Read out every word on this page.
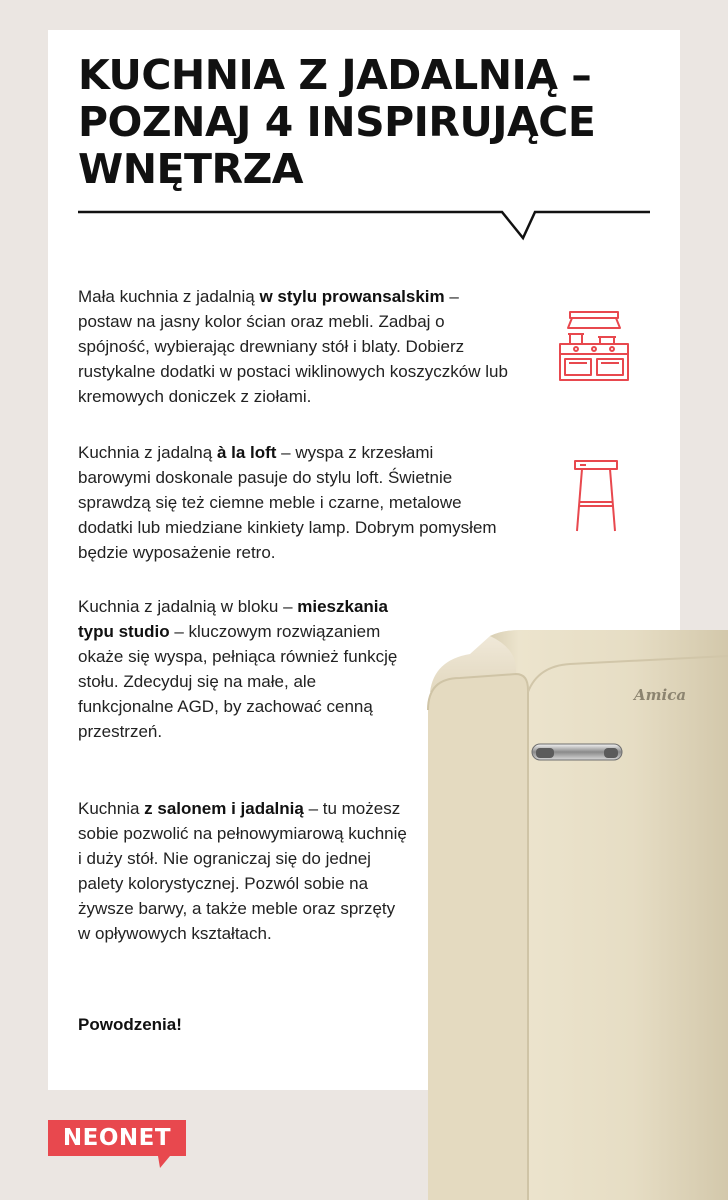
KUCHNIA Z JADALNIĄ –
POZNAJ 4 INSPIRUJĄCE
WNĘTRZA

Mała kuchnia z jadalnią w stylu prowansalskim – postaw na jasny kolor ścian oraz mebli. Zadbaj o spójność, wybierając drewniany stół i blaty. Dobierz rustykalne dodatki w postaci wiklinowych koszyczków lub kremowych doniczek z ziołami.

Kuchnia z jadalną à la loft – wyspa z krzesłami barowymi doskonale pasuje do stylu loft. Świetnie sprawdzą się też ciemne meble i czarne, metalowe dodatki lub miedziane kinkiety lamp. Dobrym pomysłem będzie wyposażenie retro.

Kuchnia z jadalnią w bloku – mieszkania typu studio – kluczowym rozwiązaniem okaże się wyspa, pełniąca również funkcję stołu. Zdecyduj się na małe, ale funkcjonalne AGD, by zachować cenną przestrzeń.

Kuchnia z salonem i jadalnią – tu możesz sobie pozwolić na pełnowymiarową kuchnię i duży stół. Nie ograniczaj się do jednej palety kolorystycznej. Pozwól sobie na żywsze barwy, a także meble oraz sprzęty w opływowych kształtach.

Powodzenia!

Amica
NEONET
